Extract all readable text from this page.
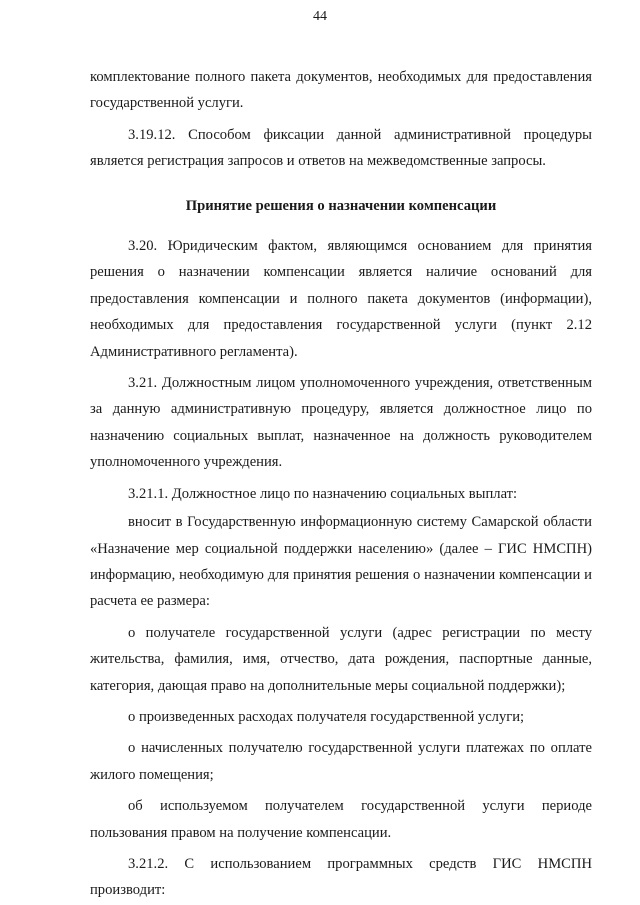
44

комплектование полного пакета документов, необходимых для предоставления государственной услуги.

3.19.12. Способом фиксации данной административной процедуры является регистрация запросов и ответов на межведомственные запросы.

Принятие решения о назначении компенсации

3.20. Юридическим фактом, являющимся основанием для принятия решения о назначении компенсации является наличие оснований для предоставления компенсации и полного пакета документов (информации), необходимых для предоставления государственной услуги (пункт 2.12 Административного регламента).

3.21. Должностным лицом уполномоченного учреждения, ответственным за данную административную процедуру, является должностное лицо по назначению социальных выплат, назначенное на должность руководителем уполномоченного учреждения.

3.21.1. Должностное лицо по назначению социальных выплат:

вносит в Государственную информационную систему Самарской области «Назначение мер социальной поддержки населению» (далее – ГИС НМСПН) информацию, необходимую для принятия решения о назначении компенсации и расчета ее размера:

о получателе государственной услуги (адрес регистрации по месту жительства, фамилия, имя, отчество, дата рождения, паспортные данные, категория, дающая право на дополнительные меры социальной поддержки);

о произведенных расходах получателя государственной услуги;

о начисленных получателю государственной услуги платежах по оплате жилого помещения;

об используемом получателем государственной услуги периоде пользования правом на получение компенсации.

3.21.2. С использованием программных средств ГИС НМСПН производит:
